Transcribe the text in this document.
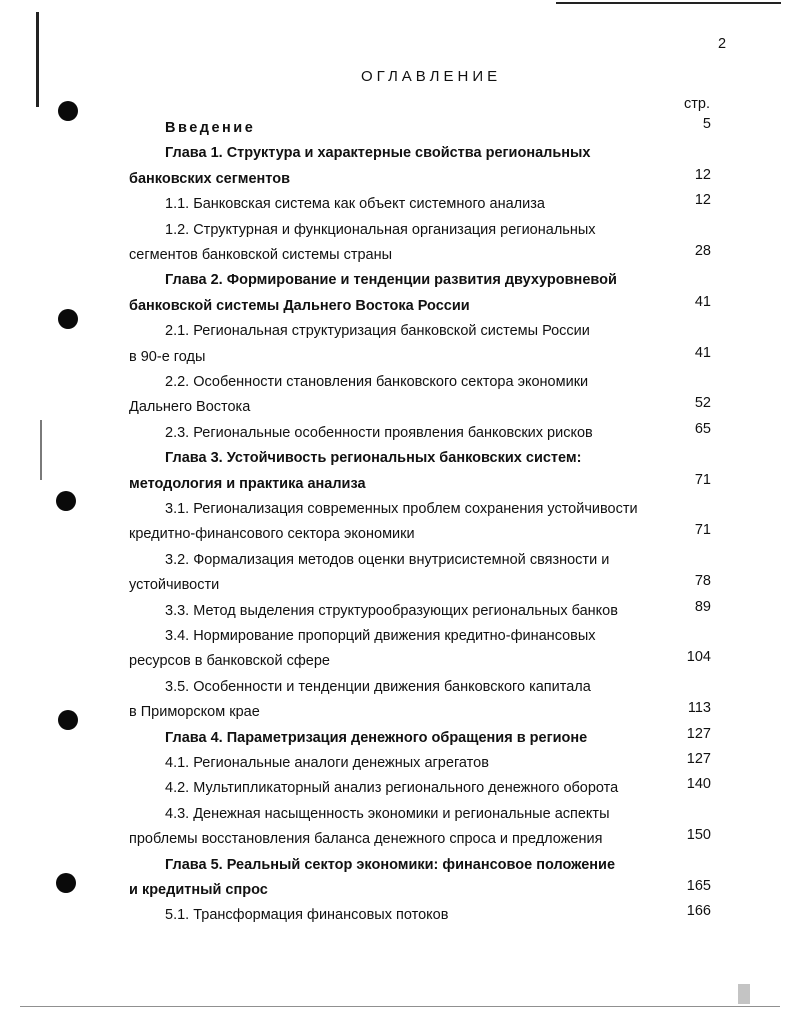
2
ОГЛАВЛЕНИЕ
стр.
Введение	5
Глава 1. Структура и характерные свойства региональных
банковских сегментов	12
1.1. Банковская система как объект системного анализа	12
1.2. Структурная и функциональная организация региональных
сегментов банковской системы страны	28
Глава 2. Формирование и тенденции развития двухуровневой
банковской системы Дальнего Востока России	41
2.1. Региональная структуризация банковской системы России
в 90-е годы	41
2.2. Особенности становления банковского сектора экономики
Дальнего Востока	52
2.3. Региональные особенности проявления банковских рисков	65
Глава 3. Устойчивость региональных банковских систем:
методология и практика анализа	71
3.1. Регионализация современных проблем сохранения устойчивости
кредитно-финансового сектора экономики	71
3.2. Формализация методов оценки внутрисистемной связности и
устойчивости	78
3.3. Метод выделения структурообразующих региональных банков	89
3.4. Нормирование пропорций движения кредитно-финансовых
ресурсов в банковской сфере	104
3.5. Особенности и тенденции движения банковского капитала
в Приморском крае	113
Глава 4. Параметризация денежного обращения в регионе	127
4.1. Региональные аналоги денежных агрегатов	127
4.2. Мультипликаторный анализ регионального денежного оборота	140
4.3. Денежная насыщенность экономики и региональные аспекты
проблемы восстановления баланса денежного спроса и предложения	150
Глава 5. Реальный сектор экономики: финансовое положение
и кредитный спрос	165
5.1. Трансформация финансовых потоков	166
